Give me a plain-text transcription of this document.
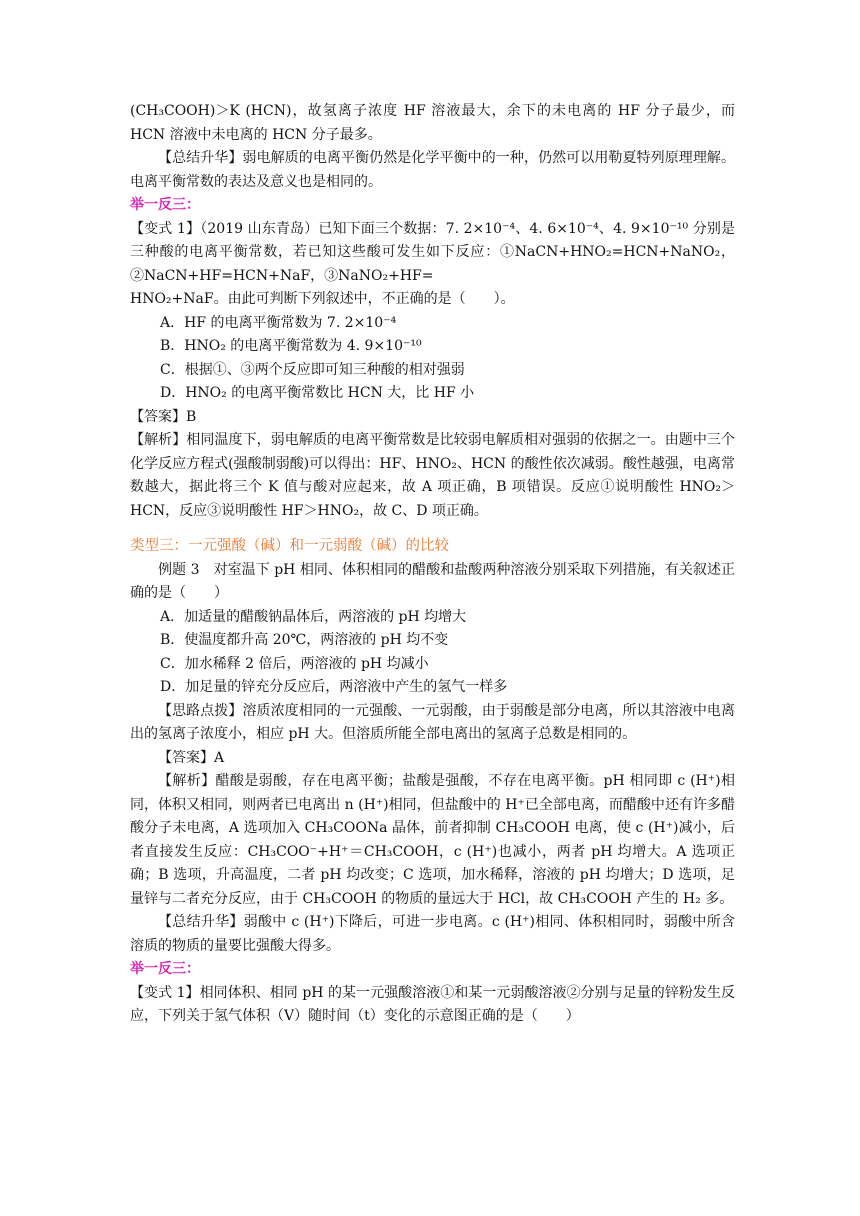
(CH₃COOH)＞K (HCN)，故氢离子浓度 HF 溶液最大，余下的未电离的 HF 分子最少，而 HCN 溶液中未电离的 HCN 分子最多。

【总结升华】弱电解质的电离平衡仍然是化学平衡中的一种，仍然可以用勒夏特列原理理解。电离平衡常数的表达及意义也是相同的。

举一反三：

【变式 1】（2019 山东青岛）已知下面三个数据：7. 2×10⁻⁴、4. 6×10⁻⁴、4. 9×10⁻¹⁰ 分别是三种酸的电离平衡常数，若已知这些酸可发生如下反应：①NaCN+HNO₂=HCN+NaNO₂，②NaCN+HF=HCN+NaF，③NaNO₂+HF=

HNO₂+NaF。由此可判断下列叙述中，不正确的是（　　）。

A．HF 的电离平衡常数为 7. 2×10⁻⁴

B．HNO₂ 的电离平衡常数为 4. 9×10⁻¹⁰

C．根据①、③两个反应即可知三种酸的相对强弱

D．HNO₂ 的电离平衡常数比 HCN 大，比 HF 小

【答案】B

【解析】相同温度下，弱电解质的电离平衡常数是比较弱电解质相对强弱的依据之一。由题中三个化学反应方程式(强酸制弱酸)可以得出：HF、HNO₂、HCN 的酸性依次减弱。酸性越强，电离常数越大，据此将三个 K 值与酸对应起来，故 A 项正确，B 项错误。反应①说明酸性 HNO₂＞HCN，反应③说明酸性 HF＞HNO₂，故 C、D 项正确。

类型三：一元强酸（碱）和一元弱酸（碱）的比较

例题 3　对室温下 pH 相同、体积相同的醋酸和盐酸两种溶液分别采取下列措施，有关叙述正确的是（　　）

A．加适量的醋酸钠晶体后，两溶液的 pH 均增大

B．使温度都升高 20℃，两溶液的 pH 均不变

C．加水稀释 2 倍后，两溶液的 pH 均减小

D．加足量的锌充分反应后，两溶液中产生的氢气一样多

【思路点拨】溶质浓度相同的一元强酸、一元弱酸，由于弱酸是部分电离，所以其溶液中电离出的氢离子浓度小，相应 pH 大。但溶质所能全部电离出的氢离子总数是相同的。

【答案】A

【解析】醋酸是弱酸，存在电离平衡；盐酸是强酸，不存在电离平衡。pH 相同即 c (H⁺)相同，体积又相同，则两者已电离出 n (H⁺)相同，但盐酸中的 H⁺已全部电离，而醋酸中还有许多醋酸分子未电离，A 选项加入 CH₃COONa 晶体，前者抑制 CH₃COOH 电离，使 c (H⁺)减小，后者直接发生反应：CH₃COO⁻+H⁺＝CH₃COOH，c (H⁺)也减小，两者 pH 均增大。A 选项正确；B 选项，升高温度，二者 pH 均改变；C 选项，加水稀释，溶液的 pH 均增大；D 选项，足量锌与二者充分反应，由于 CH₃COOH 的物质的量远大于 HCl，故 CH₃COOH 产生的 H₂ 多。

【总结升华】弱酸中 c (H⁺)下降后，可进一步电离。c (H⁺)相同、体积相同时，弱酸中所含溶质的物质的量要比强酸大得多。

举一反三：

【变式 1】相同体积、相同 pH 的某一元强酸溶液①和某一元弱酸溶液②分别与足量的锌粉发生反应，下列关于氢气体积（V）随时间（t）变化的示意图正确的是（　　）
